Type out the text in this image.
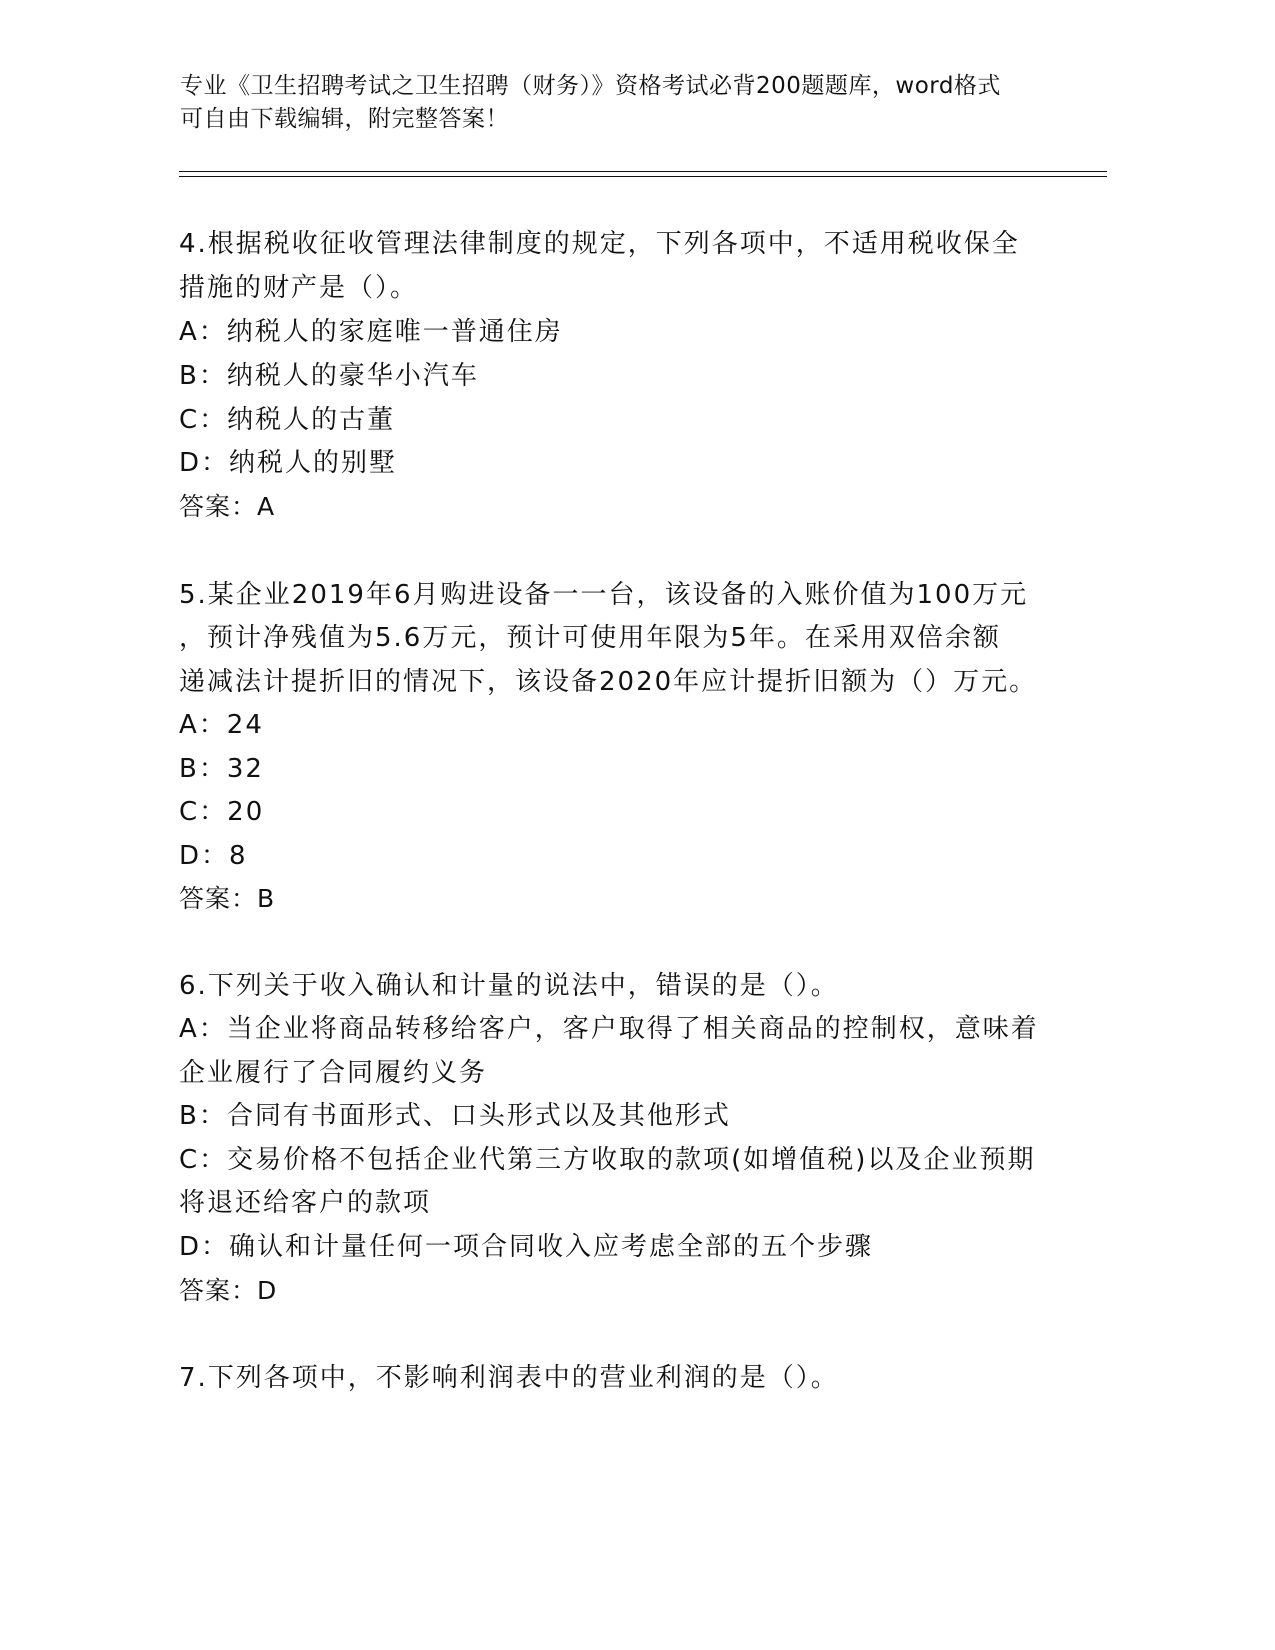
专业《卫生招聘考试之卫生招聘（财务）》资格考试必背200题题库，word格式
可自由下载编辑，附完整答案！
4.根据税收征收管理法律制度的规定，下列各项中，不适用税收保全
措施的财产是（）。
A：纳税人的家庭唯一普通住房
B：纳税人的豪华小汽车
C：纳税人的古董
D：纳税人的别墅
答案：A
5.某企业2019年6月购进设备一一台，该设备的入账价值为100万元
，预计净残值为5.6万元，预计可使用年限为5年。在采用双倍余额
递减法计提折旧的情况下，该设备2020年应计提折旧额为（）万元。
A：24
B：32
C：20
D：8
答案：B
6.下列关于收入确认和计量的说法中，错误的是（）。
A：当企业将商品转移给客户，客户取得了相关商品的控制权，意味着
企业履行了合同履约义务
B：合同有书面形式、口头形式以及其他形式
C：交易价格不包括企业代第三方收取的款项(如增值税)以及企业预期
将退还给客户的款项
D：确认和计量任何一项合同收入应考虑全部的五个步骤
答案：D
7.下列各项中，不影响利润表中的营业利润的是（）。
